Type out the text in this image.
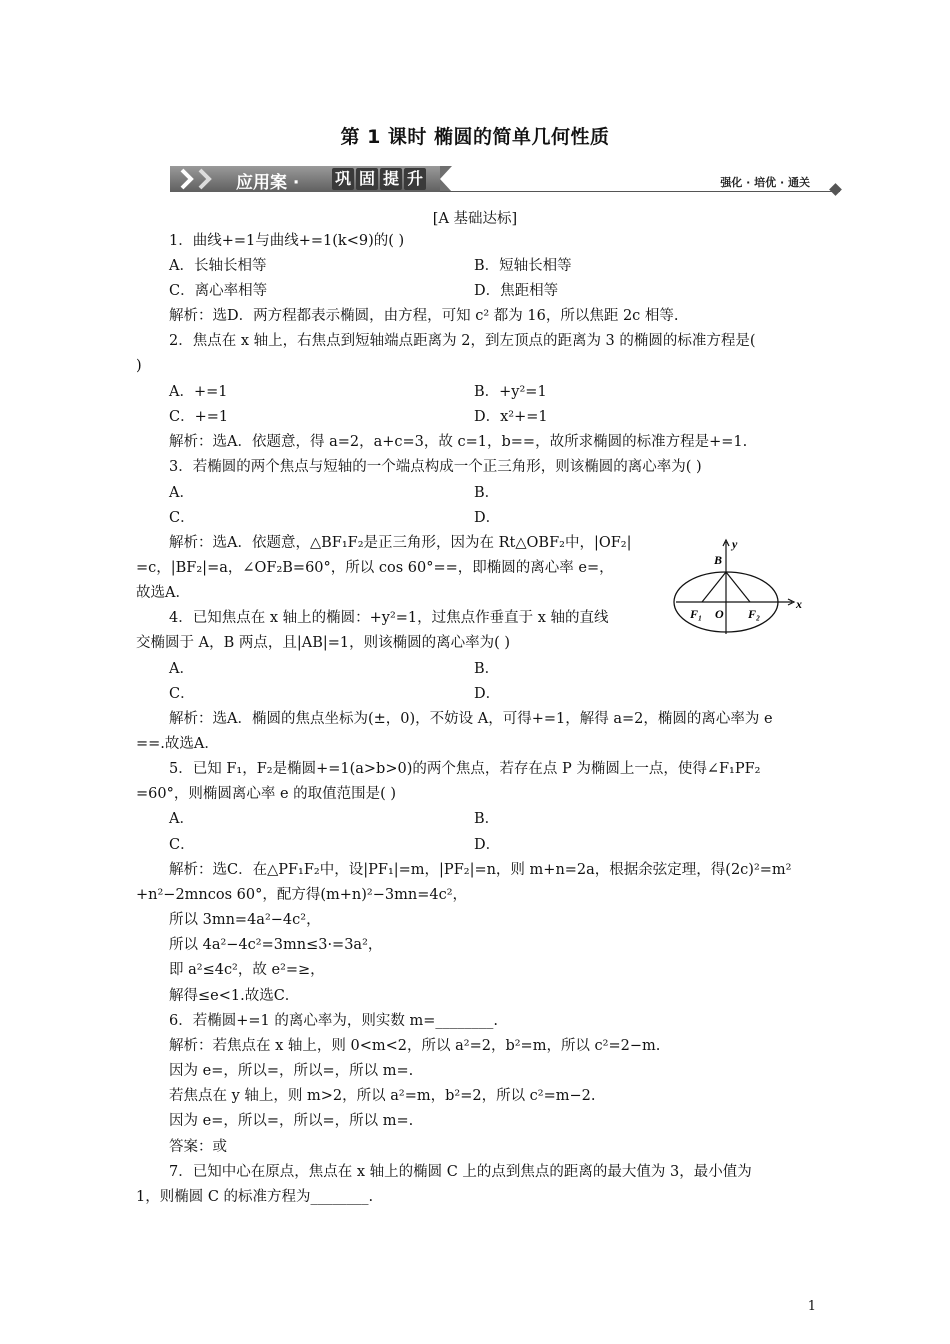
第 1 课时 椭圆的简单几何性质
应用案 · 巩 固 提 升	强化 · 培优 · 通关
[A 基础达标]
1．曲线+=1与曲线+=1(k<9)的( )
A．长轴长相等	B．短轴长相等
C．离心率相等	D．焦距相等
解析：选D．两方程都表示椭圆，由方程，可知 c² 都为 16，所以焦距 2c 相等.
2．焦点在 x 轴上，右焦点到短轴端点距离为 2，到左顶点的距离为 3 的椭圆的标准方程是(
)
A．+=1	B．+y²=1
C．+=1	D．x²+=1
解析：选A．依题意，得 a=2，a+c=3，故 c=1，b==，故所求椭圆的标准方程是+=1.
3．若椭圆的两个焦点与短轴的一个端点构成一个正三角形，则该椭圆的离心率为( )
A．	B．
C．	D．
解析：选A．依题意，△BF₁F₂是正三角形，因为在 Rt△OBF₂中，|OF₂|
=c，|BF₂|=a，∠OF₂B=60°，所以 cos 60°==，即椭圆的离心率 e=，
故选A．
B
y
F₁ O F₂
x
4．已知焦点在 x 轴上的椭圆：+y²=1，过焦点作垂直于 x 轴的直线
交椭圆于 A，B 两点，且|AB|=1，则该椭圆的离心率为( )
A．	B．
C．	D．
解析：选A．椭圆的焦点坐标为(±，0)，不妨设 A，可得+=1，解得 a=2，椭圆的离心率为 e
==.故选A．
5．已知 F₁，F₂是椭圆+=1(a>b>0)的两个焦点，若存在点 P 为椭圆上一点，使得∠F₁PF₂
=60°，则椭圆离心率 e 的取值范围是( )
A．	B．
C．	D．
解析：选C．在△PF₁F₂中，设|PF₁|=m，|PF₂|=n，则 m+n=2a，根据余弦定理，得(2c)²=m²
+n²−2mncos 60°，配方得(m+n)²−3mn=4c²，
所以 3mn=4a²−4c²，
所以 4a²−4c²=3mn≤3·=3a²，
即 a²≤4c²，故 e²=≥，
解得≤e<1.故选C．
6．若椭圆+=1 的离心率为，则实数 m=________.
解析：若焦点在 x 轴上，则 0<m<2，所以 a²=2，b²=m，所以 c²=2−m.
因为 e=，所以=，所以=，所以 m=.
若焦点在 y 轴上，则 m>2，所以 a²=m，b²=2，所以 c²=m−2.
因为 e=，所以=，所以=，所以 m=.
答案：或
7．已知中心在原点，焦点在 x 轴上的椭圆 C 上的点到焦点的距离的最大值为 3，最小值为
1，则椭圆 C 的标准方程为________.
1
